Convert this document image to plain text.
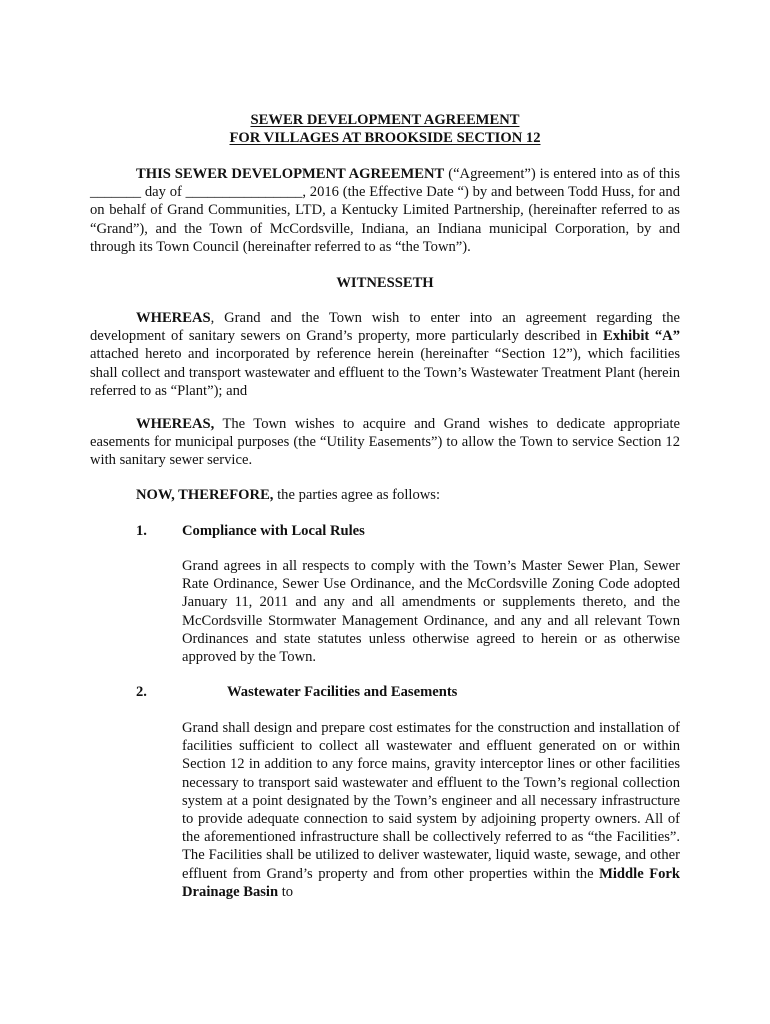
SEWER DEVELOPMENT AGREEMENT
FOR VILLAGES AT BROOKSIDE SECTION 12

THIS SEWER DEVELOPMENT AGREEMENT (“Agreement”) is entered into as of this _______ day of ________________, 2016 (the Effective Date “) by and between Todd Huss, for and on behalf of Grand Communities, LTD, a Kentucky Limited Partnership, (hereinafter referred to as “Grand”), and the Town of McCordsville, Indiana, an Indiana municipal Corporation, by and through its Town Council (hereinafter referred to as “the Town”).

WITNESSETH

WHEREAS, Grand and the Town wish to enter into an agreement regarding the development of sanitary sewers on Grand’s property, more particularly described in Exhibit “A” attached hereto and incorporated by reference herein (hereinafter “Section 12”), which facilities shall collect and transport wastewater and effluent to the Town’s Wastewater Treatment Plant (herein referred to as “Plant”); and

WHEREAS, The Town wishes to acquire and Grand wishes to dedicate appropriate easements for municipal purposes (the “Utility Easements”) to allow the Town to service Section 12 with sanitary sewer service.

NOW, THEREFORE, the parties agree as follows:

1. Compliance with Local Rules

Grand agrees in all respects to comply with the Town’s Master Sewer Plan, Sewer Rate Ordinance, Sewer Use Ordinance, and the McCordsville Zoning Code adopted January 11, 2011 and any and all amendments or supplements thereto, and the McCordsville Stormwater Management Ordinance, and any and all relevant Town Ordinances and state statutes unless otherwise agreed to herein or as otherwise approved by the Town.

2.	Wastewater Facilities and Easements

Grand shall design and prepare cost estimates for the construction and installation of facilities sufficient to collect all wastewater and effluent generated on or within Section 12 in addition to any force mains, gravity interceptor lines or other facilities necessary to transport said wastewater and effluent to the Town’s regional collection system at a point designated by the Town’s engineer and all necessary infrastructure to provide adequate connection to said system by adjoining property owners. All of the aforementioned infrastructure shall be collectively referred to as “the Facilities”. The Facilities shall be utilized to deliver wastewater, liquid waste, sewage, and other effluent from Grand’s property and from other properties within the Middle Fork Drainage Basin to
